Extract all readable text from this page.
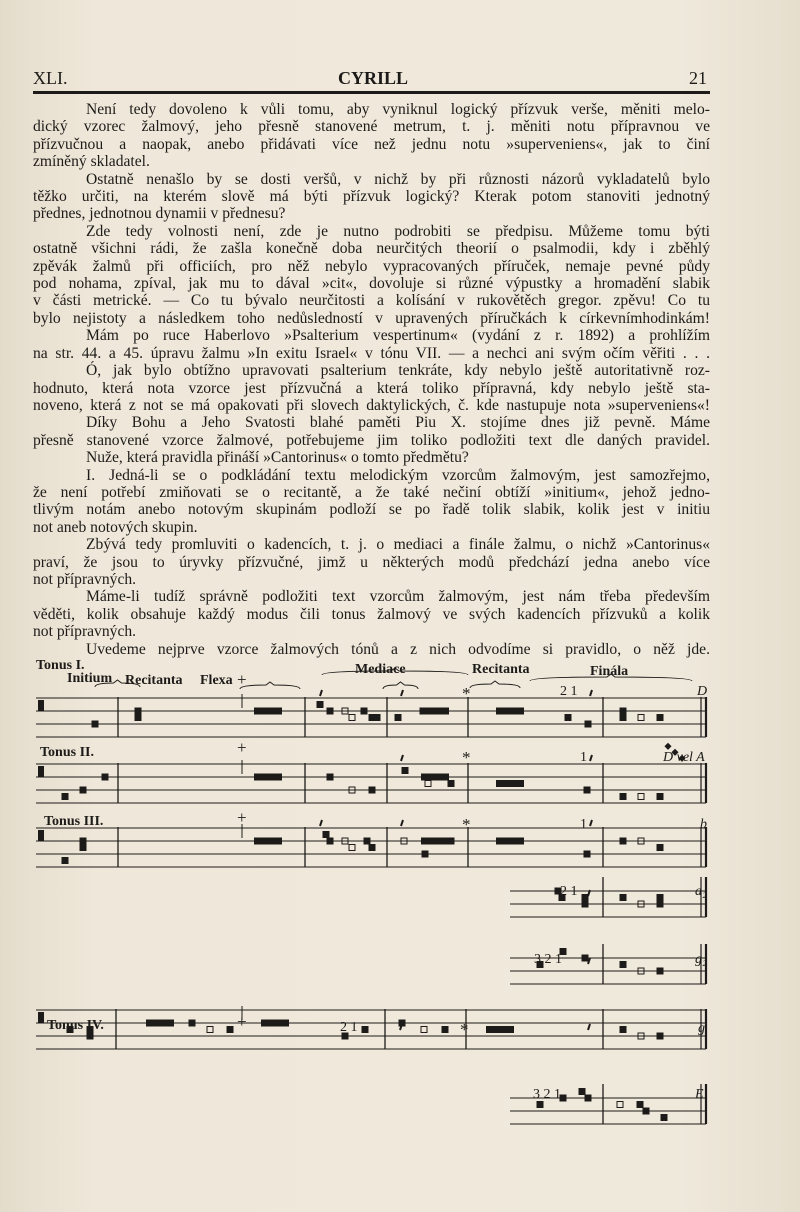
XLI.	CYRILL	21
Není tedy dovoleno k vůli tomu, aby vyniknul logický přízvuk verše, měniti melo-
dický vzorec žalmový, jeho přesně stanovené metrum, t. j. měniti notu přípravnou ve
přízvučnou a naopak, anebo přidávati více než jednu notu »superveniens«, jak to činí
zmíněný skladatel.
Ostatně nenašlo by se dosti veršů, v nichž by při různosti názorů vykladatelů bylo
těžko určiti, na kterém slově má býti přízvuk logický? Kterak potom stanoviti jednotný
přednes, jednotnou dynamii v přednesu?
Zde tedy volnosti není, zde je nutno podrobiti se předpisu. Můžeme tomu býti
ostatně všichni rádi, že zašla konečně doba neurčitých theorií o psalmodii, kdy i zběhlý
zpěvák žalmů při officiích, pro něž nebylo vypracovaných příruček, nemaje pevné půdy
pod nohama, zpíval, jak mu to dával »cit«, dovoluje si různé výpustky a hromadění slabik
v části metrické. — Co tu bývalo neurčitosti a kolísání v rukovětěch gregor. zpěvu! Co tu
bylo nejistoty a následkem toho nedůsledností v upravených příručkách k církevnímhodinkám!
Mám po ruce Haberlovo »Psalterium vespertinum« (vydání z r. 1892) a prohlížím
na str. 44. a 45. úpravu žalmu »In exitu Israel« v tónu VII. — a nechci ani svým očím věřiti . . .
Ó, jak bylo obtížno upravovati psalterium tenkráte, kdy nebylo ještě autoritativně roz-
hodnuto, která nota vzorce jest přízvučná a která toliko přípravná, kdy nebylo ještě sta-
noveno, která z not se má opakovati při slovech daktylických, č. kde nastupuje nota »superveniens«!
Díky Bohu a Jeho Svatosti blahé paměti Piu X. stojíme dnes již pevně. Máme
přesně stanovené vzorce žalmové, potřebujeme jim toliko podložiti text dle daných pravidel.
Nuže, která pravidla přináší »Cantorinus« o tomto předmětu?
I. Jedná-li se o podkládání textu melodickým vzorcům žalmovým, jest samozřejmo,
že není potřebí zmiňovati se o recitantě, a že také nečiní obtíží »initium«, jehož jedno-
tlivým notám anebo notovým skupinám podloží se po řadě tolik slabik, kolik jest v initiu
not aneb notových skupin.
Zbývá tedy promluviti o kadencích, t. j. o mediaci a finále žalmu, o nichž »Cantorinus«
praví, že jsou to úryvky přízvučné, jimž u některých modů předchází jedna anebo více
not přípravných.
Máme-li tudíž správně podložiti text vzorcům žalmovým, jest nám třeba především
věděti, kolik obsahuje každý modus čili tonus žalmový ve svých kadencích přízvuků a kolik
not přípravných.
Uvedeme nejprve vzorce žalmových tónů a z nich odvodíme si pravidlo, o něž jde.
Tonus I.
Initium Recitanta Flexa +
Mediace	Recitanta	Finála
*	2 1	D
Tonus II.	+
*	1	D vel A
Tonus III.	+	*	1	b
2 1	a₂
3 2 1	g₂
Tonus IV.	+	2 1	*	g
3 2 1	E
